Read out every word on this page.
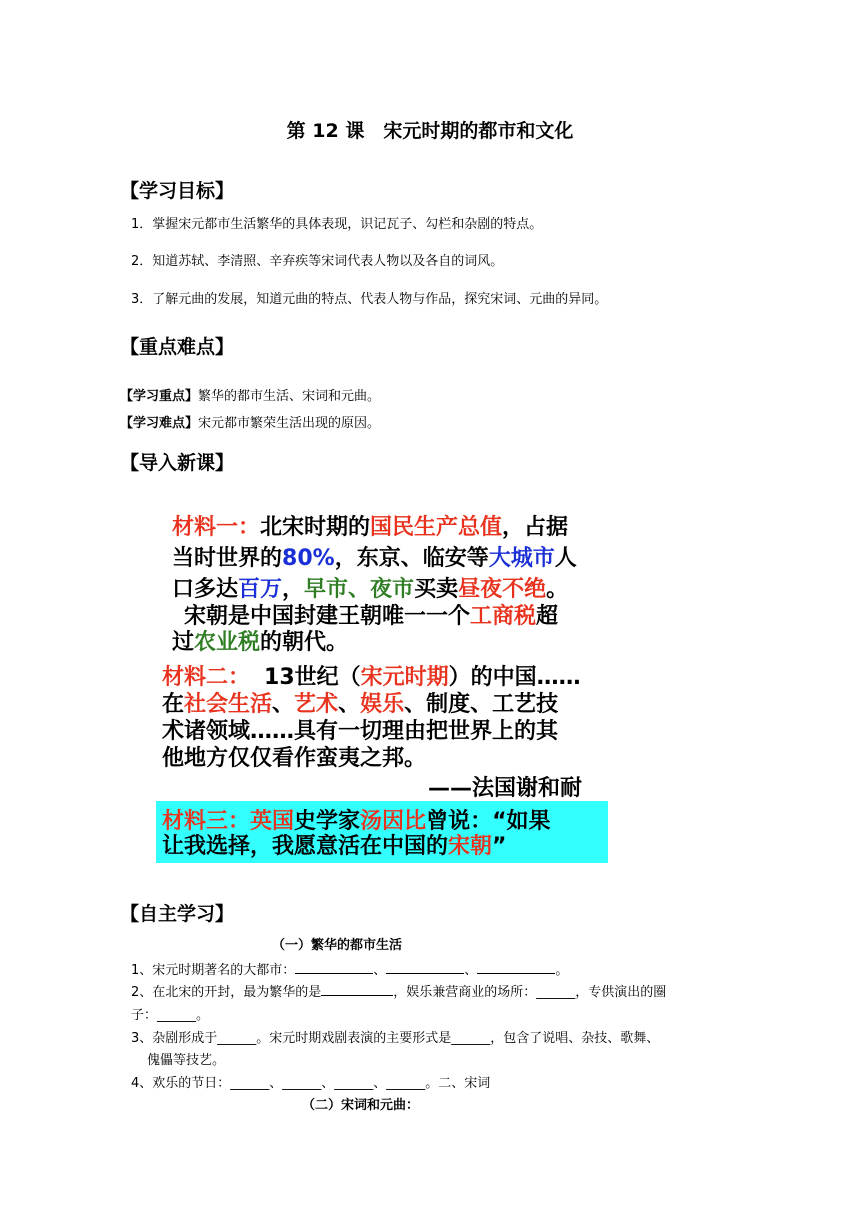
第 12 课　宋元时期的都市和文化
【学习目标】
1．掌握宋元都市生活繁华的具体表现，识记瓦子、勾栏和杂剧的特点。
2．知道苏轼、李清照、辛弃疾等宋词代表人物以及各自的词风。
3．了解元曲的发展，知道元曲的特点、代表人物与作品，探究宋词、元曲的异同。
【重点难点】
【学习重点】繁华的都市生活、宋词和元曲。
【学习难点】宋元都市繁荣生活出现的原因。
【导入新课】
材料一：北宋时期的国民生产总值，占据
当时世界的80%，东京、临安等大城市人
口多达百万，早市、夜市买卖昼夜不绝。
宋朝是中国封建王朝唯一一个工商税超
过农业税的朝代。
材料二： 13世纪（宋元时期）的中国……
在社会生活、艺术、娱乐、制度、工艺技
术诸领域……具有一切理由把世界上的其
他地方仅仅看作蛮夷之邦。
——法国谢和耐
材料三：英国史学家汤因比曾说：“如果
让我选择，我愿意活在中国的宋朝”
【自主学习】
（一）繁华的都市生活
1、宋元时期著名的大都市：	、	、	。
2、在北宋的开封，最为繁华的是	，娱乐兼营商业的场所：______，专供演出的圈
子：______。
3、杂剧形成于______。宋元时期戏剧表演的主要形式是______，包含了说唱、杂技、歌舞、
傀儡等技艺。
4、欢乐的节日：______、______、______、______。二、宋词
（二）宋词和元曲：
